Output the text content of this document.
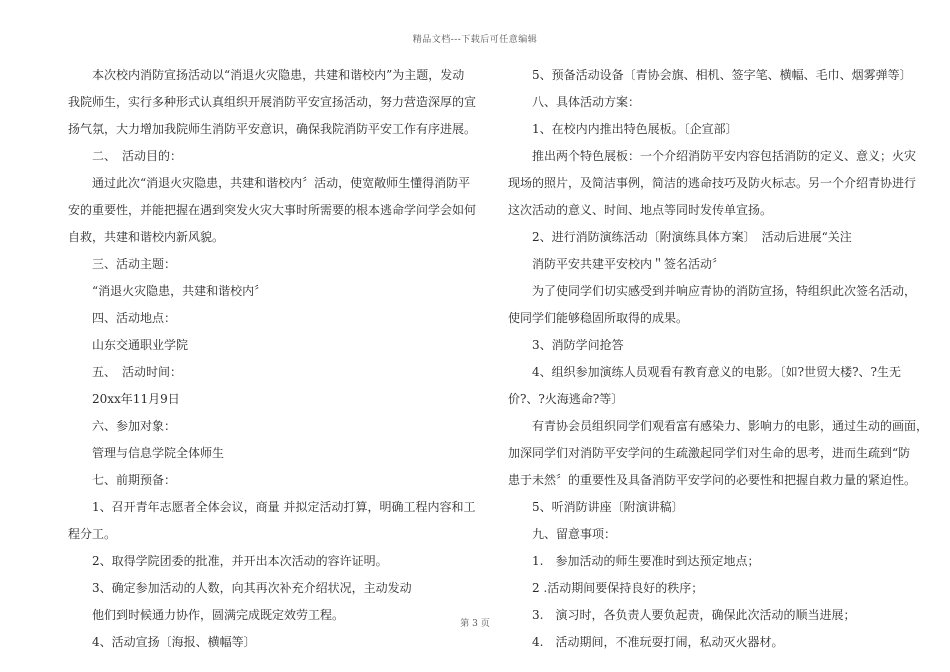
精品文档---下载后可任意编辑
　　本次校内消防宣扬活动以“消退火灾隐患，共建和谐校内”为主题，发动
我院师生，实行多种形式认真组织开展消防平安宣扬活动，努力营造深厚的宣
扬气氛，大力增加我院师生消防平安意识，确保我院消防平安工作有序进展。
　　二、　活动目的：
　　通过此次“消退火灾隐患，共建和谐校内〞活动，使宽敞师生懂得消防平
安的重要性，并能把握在遇到突发火灾大事时所需要的根本逃命学问学会如何
自救，共建和谐校内新风貌。
　　三、活动主题：
　　“消退火灾隐患，共建和谐校内〞
　　四、活动地点：
　　山东交通职业学院
　　五、　活动时间：
　　20xx年11月9日
　　六、参加对象：
　　管理与信息学院全体师生
　　七、前期预备：
　　1、召开青年志愿者全体会议，商量 并拟定活动打算，明确工程内容和工
程分工。
　　2、取得学院团委的批准，并开出本次活动的容许证明。
　　3、确定参加活动的人数，向其再次补充介绍状况，主动发动
　　他们到时候通力协作，圆满完成既定效劳工程。
　　4、活动宣扬〔海报、横幅等〕
　　5、预备活动设备〔青协会旗、相机、签字笔、横幅、毛巾、烟雾弹等〕
　　八、具体活动方案：
　　1、在校内内推出特色展板。〔企宣部〕
　　推出两个特色展板：一个介绍消防平安内容包括消防的定义、意义；火灾
现场的照片，及简洁事例，简洁的逃命技巧及防火标志。另一个介绍青协进行
这次活动的意义、时间、地点等同时发传单宣扬。
　　2、进行消防演练活动〔附演练具体方案〕　活动后进展“关注
　　消防平安共建平安校内＂签名活动〞
　　为了使同学们切实感受到并响应青协的消防宣扬，特组织此次签名活动，
使同学们能够稳固所取得的成果。
　　3、消防学问抢答
　　4、组织参加演练人员观看有教育意义的电影。〔如?世贸大楼?、?生无
价?、?火海逃命?等〕
　　有青协会员组织同学们观看富有感染力、影响力的电影，通过生动的画面，
加深同学们对消防平安学问的生疏激起同学们对生命的思考，进而生疏到“防
患于未然〞的重要性及具备消防平安学问的必要性和把握自救力量的紧迫性。
　　5、听消防讲座〔附演讲稿〕
　　九、留意事项：
　　1.　参加活动的师生要准时到达预定地点；
　　2 .活动期间要保持良好的秩序；
　　3.　演习时，各负责人要负起责，确保此次活动的顺当进展；
　　4.　活动期间，不准玩耍打闹，私动灭火器材。
第 3 页
